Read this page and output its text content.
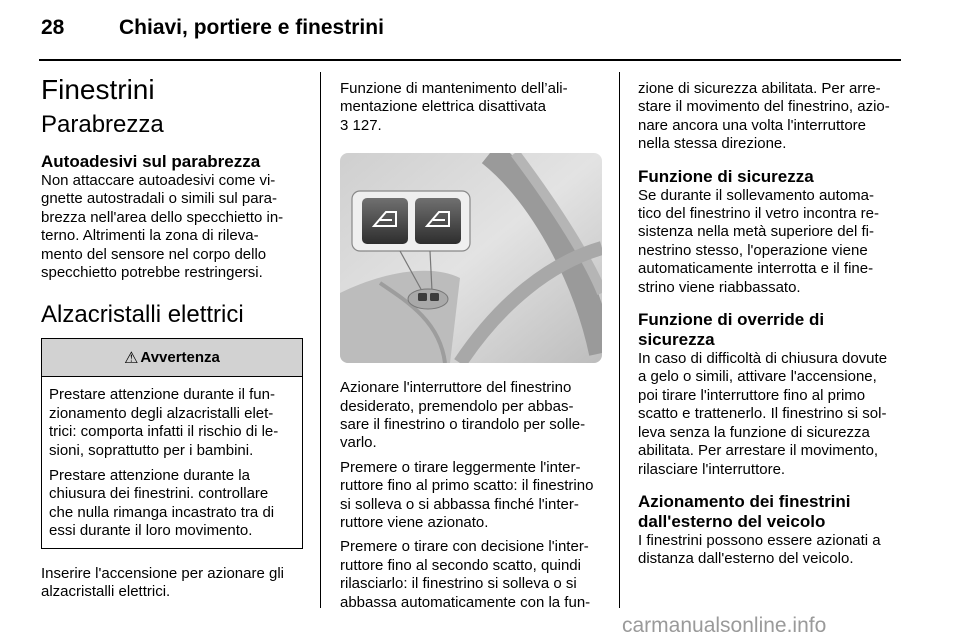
28	Chiavi, portiere e finestrini
Finestrini
Parabrezza
Autoadesivi sul parabrezza

Non attaccare autoadesivi come vi-
gnette autostradali o simili sul para-
brezza nell'area dello specchietto in-
terno. Altrimenti la zona di rileva-
mento del sensore nel corpo dello
specchietto potrebbe restringersi.

Alzacristalli elettrici
⚠ Avvertenza

Prestare attenzione durante il fun-
zionamento degli alzacristalli elet-
trici: comporta infatti il rischio di le-
sioni, soprattutto per i bambini.

Prestare attenzione durante la
chiusura dei finestrini. controllare
che nulla rimanga incastrato tra di
essi durante il loro movimento.

Inserire l'accensione per azionare gli
alzacristalli elettrici.

Funzione di mantenimento dell’ali-
mentazione elettrica disattivata
3 127.

Azionare l'interruttore del finestrino
desiderato, premendolo per abbas-
sare il finestrino o tirandolo per solle-
varlo.

Premere o tirare leggermente l'inter-
ruttore fino al primo scatto: il finestrino
si solleva o si abbassa finché l'inter-
ruttore viene azionato.

Premere o tirare con decisione l'inter-
ruttore fino al secondo scatto, quindi
rilasciarlo: il finestrino si solleva o si
abbassa automaticamente con la fun-

zione di sicurezza abilitata. Per arre-
stare il movimento del finestrino, azio-
nare ancora una volta l'interruttore
nella stessa direzione.

Funzione di sicurezza

Se durante il sollevamento automa-
tico del finestrino il vetro incontra re-
sistenza nella metà superiore del fi-
nestrino stesso, l'operazione viene
automaticamente interrotta e il fine-
strino viene riabbassato.

Funzione di override di
sicurezza

In caso di difficoltà di chiusura dovute
a gelo o simili, attivare l'accensione,
poi tirare l'interruttore fino al primo
scatto e trattenerlo. Il finestrino si sol-
leva senza la funzione di sicurezza
abilitata. Per arrestare il movimento,
rilasciare l'interruttore.

Azionamento dei finestrini
dall'esterno del veicolo

I finestrini possono essere azionati a
distanza dall'esterno del veicolo.

carmanualsonline.info
